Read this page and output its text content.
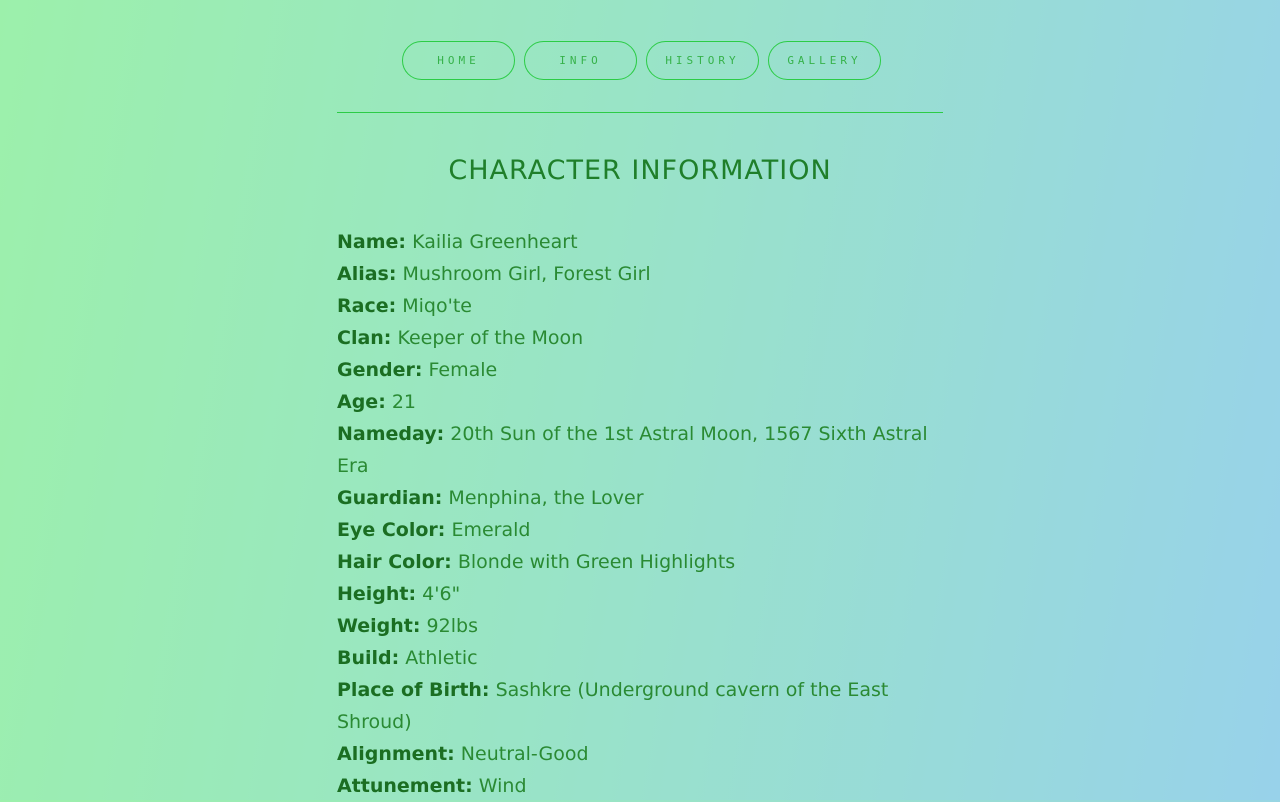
HOME	INFO	HISTORY	GALLERY
CHARACTER INFORMATION

Name: Kailia Greenheart

Alias: Mushroom Girl, Forest Girl

Race: Miqo'te

Clan: Keeper of the Moon

Gender: Female

Age: 21

Nameday: 20th Sun of the 1st Astral Moon, 1567 Sixth Astral Era

Guardian: Menphina, the Lover

Eye Color: Emerald

Hair Color: Blonde with Green Highlights

Height: 4'6"

Weight: 92lbs

Build: Athletic

Place of Birth: Sashkre (Underground cavern of the East Shroud)

Alignment: Neutral-Good

Attunement: Wind
